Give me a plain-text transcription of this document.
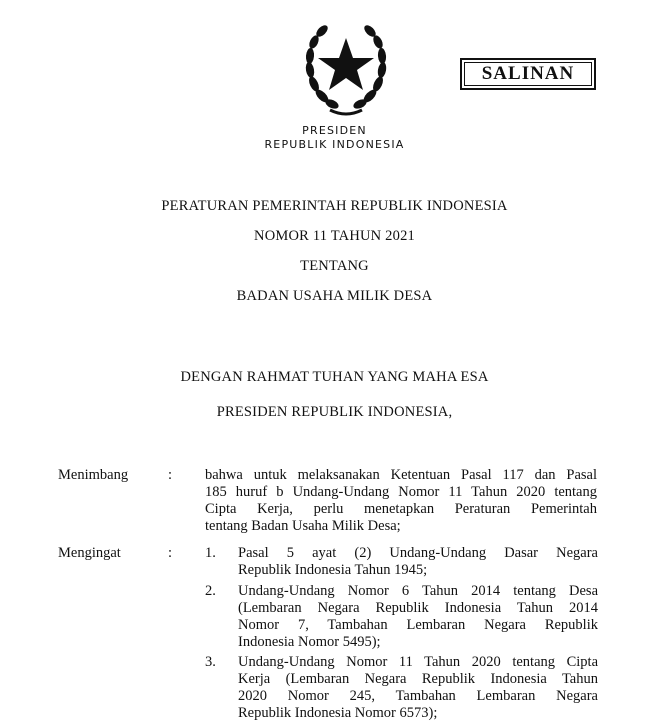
SALINAN
PRESIDEN
REPUBLIK INDONESIA
PERATURAN PEMERINTAH REPUBLIK INDONESIA
NOMOR 11 TAHUN 2021
TENTANG
BADAN USAHA MILIK DESA
DENGAN RAHMAT TUHAN YANG MAHA ESA
PRESIDEN REPUBLIK INDONESIA,
Menimbang	: bahwa untuk melaksanakan Ketentuan Pasal 117 dan Pasal
185 huruf b Undang-Undang Nomor 11 Tahun 2020 tentang
Cipta Kerja, perlu menetapkan Peraturan Pemerintah
tentang Badan Usaha Milik Desa;
Mengingat	: 1. Pasal 5 ayat (2) Undang-Undang Dasar Negara
Republik Indonesia Tahun 1945;
2. Undang-Undang Nomor 6 Tahun 2014 tentang Desa
(Lembaran Negara Republik Indonesia Tahun 2014
Nomor 7, Tambahan Lembaran Negara Republik
Indonesia Nomor 5495);
3. Undang-Undang Nomor 11 Tahun 2020 tentang Cipta
Kerja (Lembaran Negara Republik Indonesia Tahun
2020 Nomor 245, Tambahan Lembaran Negara
Republik Indonesia Nomor 6573);
